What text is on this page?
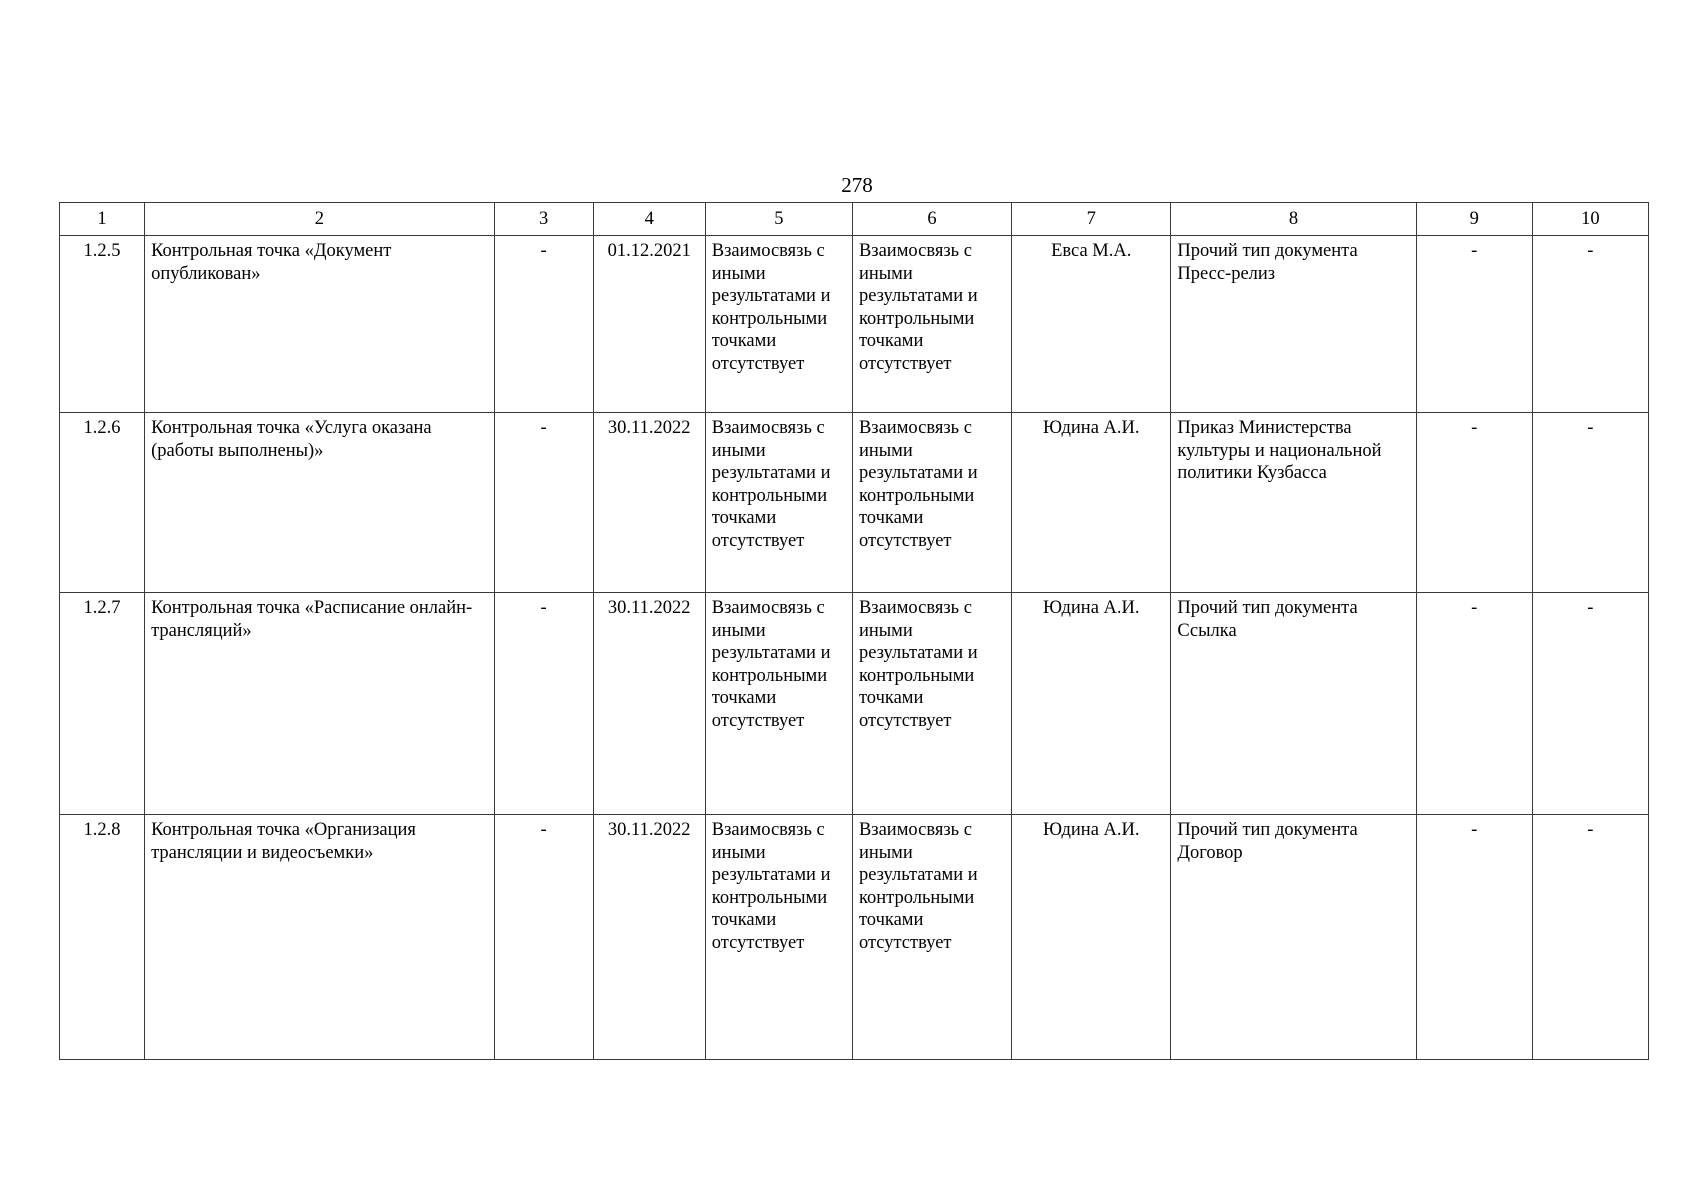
278
1	2	3	4	5	6	7	8	9	10
1.2.5	Контрольная точка «Документ опубликован»	-	01.12.2021	Взаимосвязь с иными результатами и контрольными точками отсутствует	Взаимосвязь с иными результатами и контрольными точками отсутствует	Евса М.А.	Прочий тип документа Пресс-релиз	-	-
1.2.6	Контрольная точка «Услуга оказана (работы выполнены)»	-	30.11.2022	Взаимосвязь с иными результатами и контрольными точками отсутствует	Взаимосвязь с иными результатами и контрольными точками отсутствует	Юдина А.И.	Приказ Министерства культуры и национальной политики Кузбасса	-	-
1.2.7	Контрольная точка «Расписание онлайн-трансляций»	-	30.11.2022	Взаимосвязь с иными результатами и контрольными точками отсутствует	Взаимосвязь с иными результатами и контрольными точками отсутствует	Юдина А.И.	Прочий тип документа Ссылка	-	-
1.2.8	Контрольная точка «Организация трансляции и видеосъемки»	-	30.11.2022	Взаимосвязь с иными результатами и контрольными точками отсутствует	Взаимосвязь с иными результатами и контрольными точками отсутствует	Юдина А.И.	Прочий тип документа Договор	-	-
